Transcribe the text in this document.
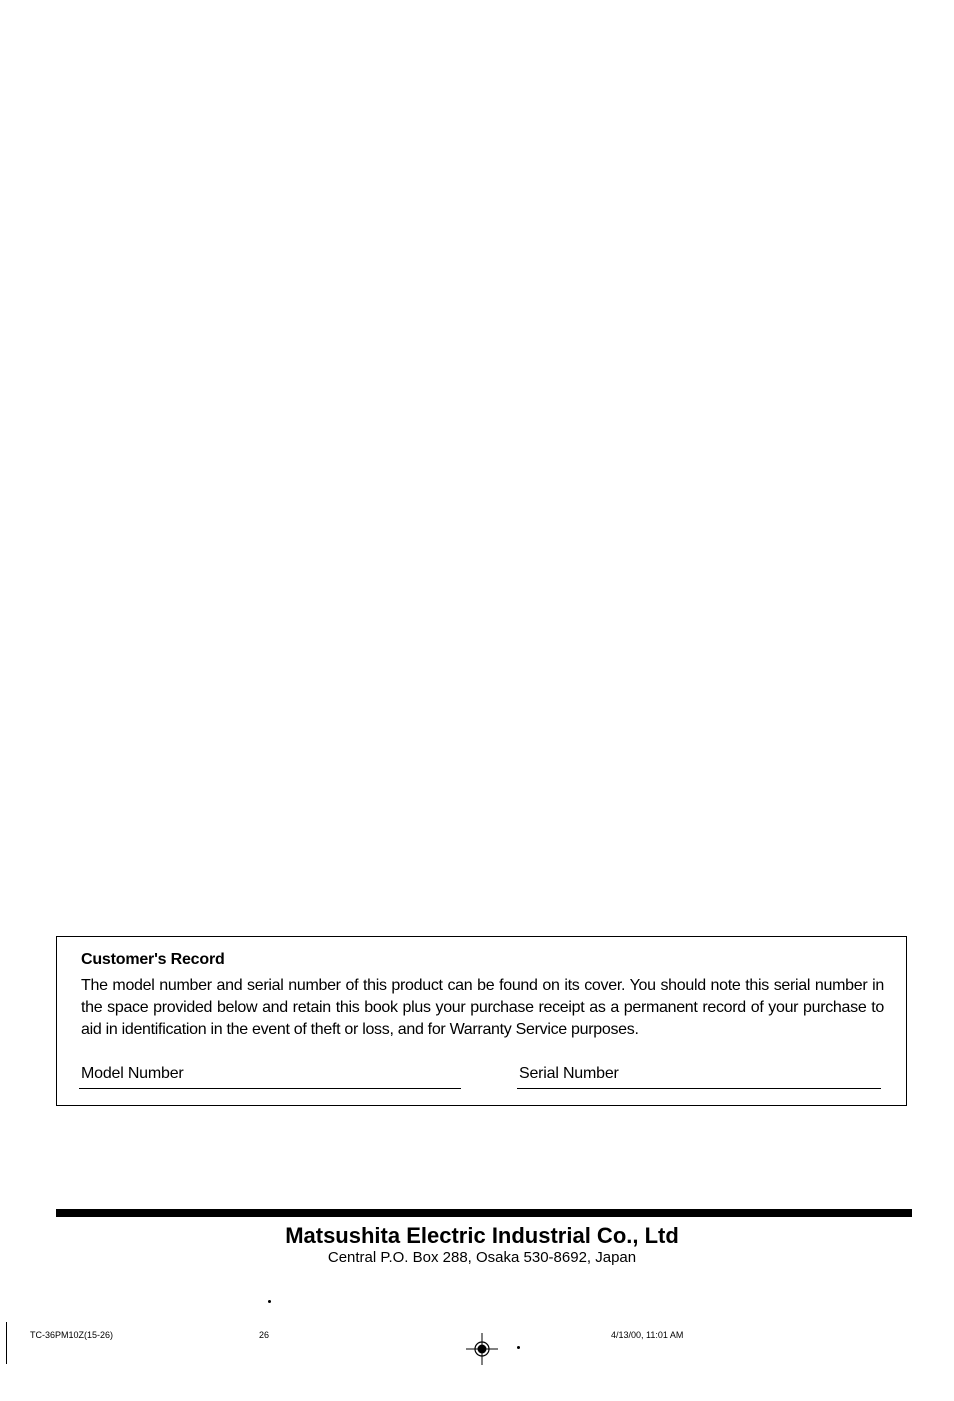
Customer's Record
The model number and serial number of this product can be found on its cover. You should note this serial number in the space provided below and retain this book plus your purchase receipt as a permanent record of your purchase to aid in identification in the event of theft or loss, and for Warranty Service purposes.
Model Number	Serial Number
Matsushita Electric Industrial Co., Ltd
Central P.O. Box 288, Osaka 530-8692, Japan
TC-36PM10Z(15-26)	26	4/13/00, 11:01 AM
